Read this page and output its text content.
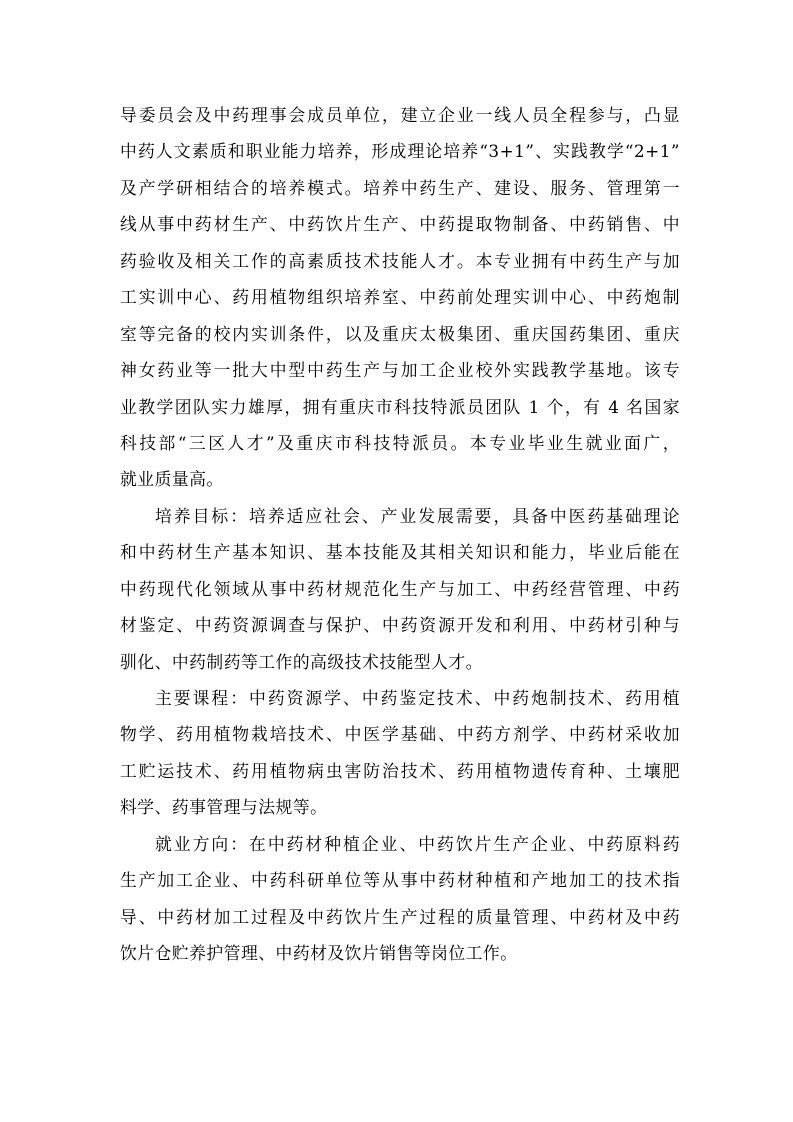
导委员会及中药理事会成员单位，建立企业一线人员全程参与，凸显
中药人文素质和职业能力培养，形成理论培养“3+1”、实践教学“2+1”
及产学研相结合的培养模式。培养中药生产、建设、服务、管理第一
线从事中药材生产、中药饮片生产、中药提取物制备、中药销售、中
药验收及相关工作的高素质技术技能人才。本专业拥有中药生产与加
工实训中心、药用植物组织培养室、中药前处理实训中心、中药炮制
室等完备的校内实训条件，以及重庆太极集团、重庆国药集团、重庆
神女药业等一批大中型中药生产与加工企业校外实践教学基地。该专
业教学团队实力雄厚，拥有重庆市科技特派员团队 1 个，有 4 名国家
科技部“三区人才”及重庆市科技特派员。本专业毕业生就业面广，
就业质量高。
培养目标：培养适应社会、产业发展需要，具备中医药基础理论
和中药材生产基本知识、基本技能及其相关知识和能力，毕业后能在
中药现代化领域从事中药材规范化生产与加工、中药经营管理、中药
材鉴定、中药资源调查与保护、中药资源开发和利用、中药材引种与
驯化、中药制药等工作的高级技术技能型人才。
主要课程：中药资源学、中药鉴定技术、中药炮制技术、药用植
物学、药用植物栽培技术、中医学基础、中药方剂学、中药材采收加
工贮运技术、药用植物病虫害防治技术、药用植物遗传育种、土壤肥
料学、药事管理与法规等。
就业方向：在中药材种植企业、中药饮片生产企业、中药原料药
生产加工企业、中药科研单位等从事中药材种植和产地加工的技术指
导、中药材加工过程及中药饮片生产过程的质量管理、中药材及中药
饮片仓贮养护管理、中药材及饮片销售等岗位工作。
